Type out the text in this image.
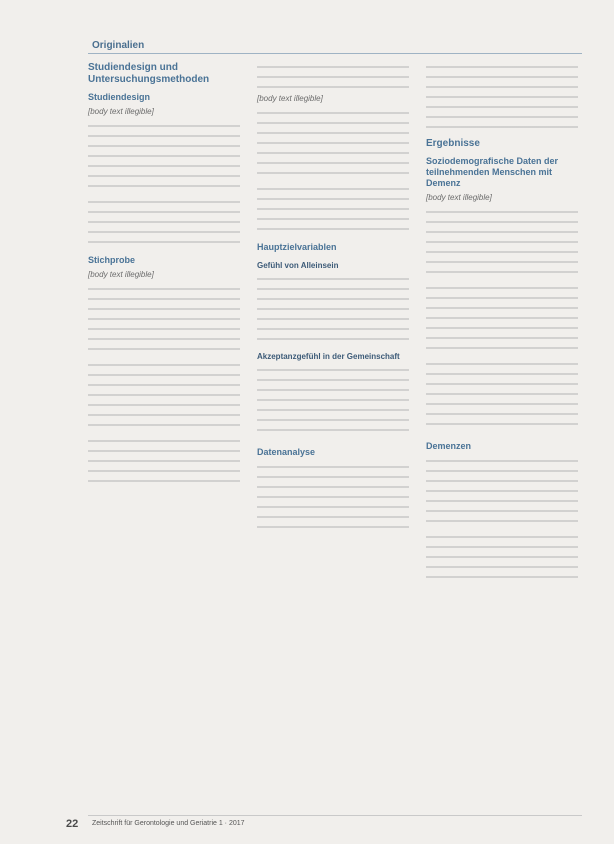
Originalien
Studiendesign und Untersuchungsmethoden
Studiendesign

[body text illegible]

Stichprobe

[body text illegible]

[body text illegible]

Hauptzielvariablen
Gefühl von Alleinsein
Akzeptanzgefühl in der Gemeinschaft
Datenanalyse
Ergebnisse
Soziodemografische Daten der teilnehmenden Menschen mit Demenz

[body text illegible]

Demenzen
22 Zeitschrift für Gerontologie und Geriatrie 1 · 2017
